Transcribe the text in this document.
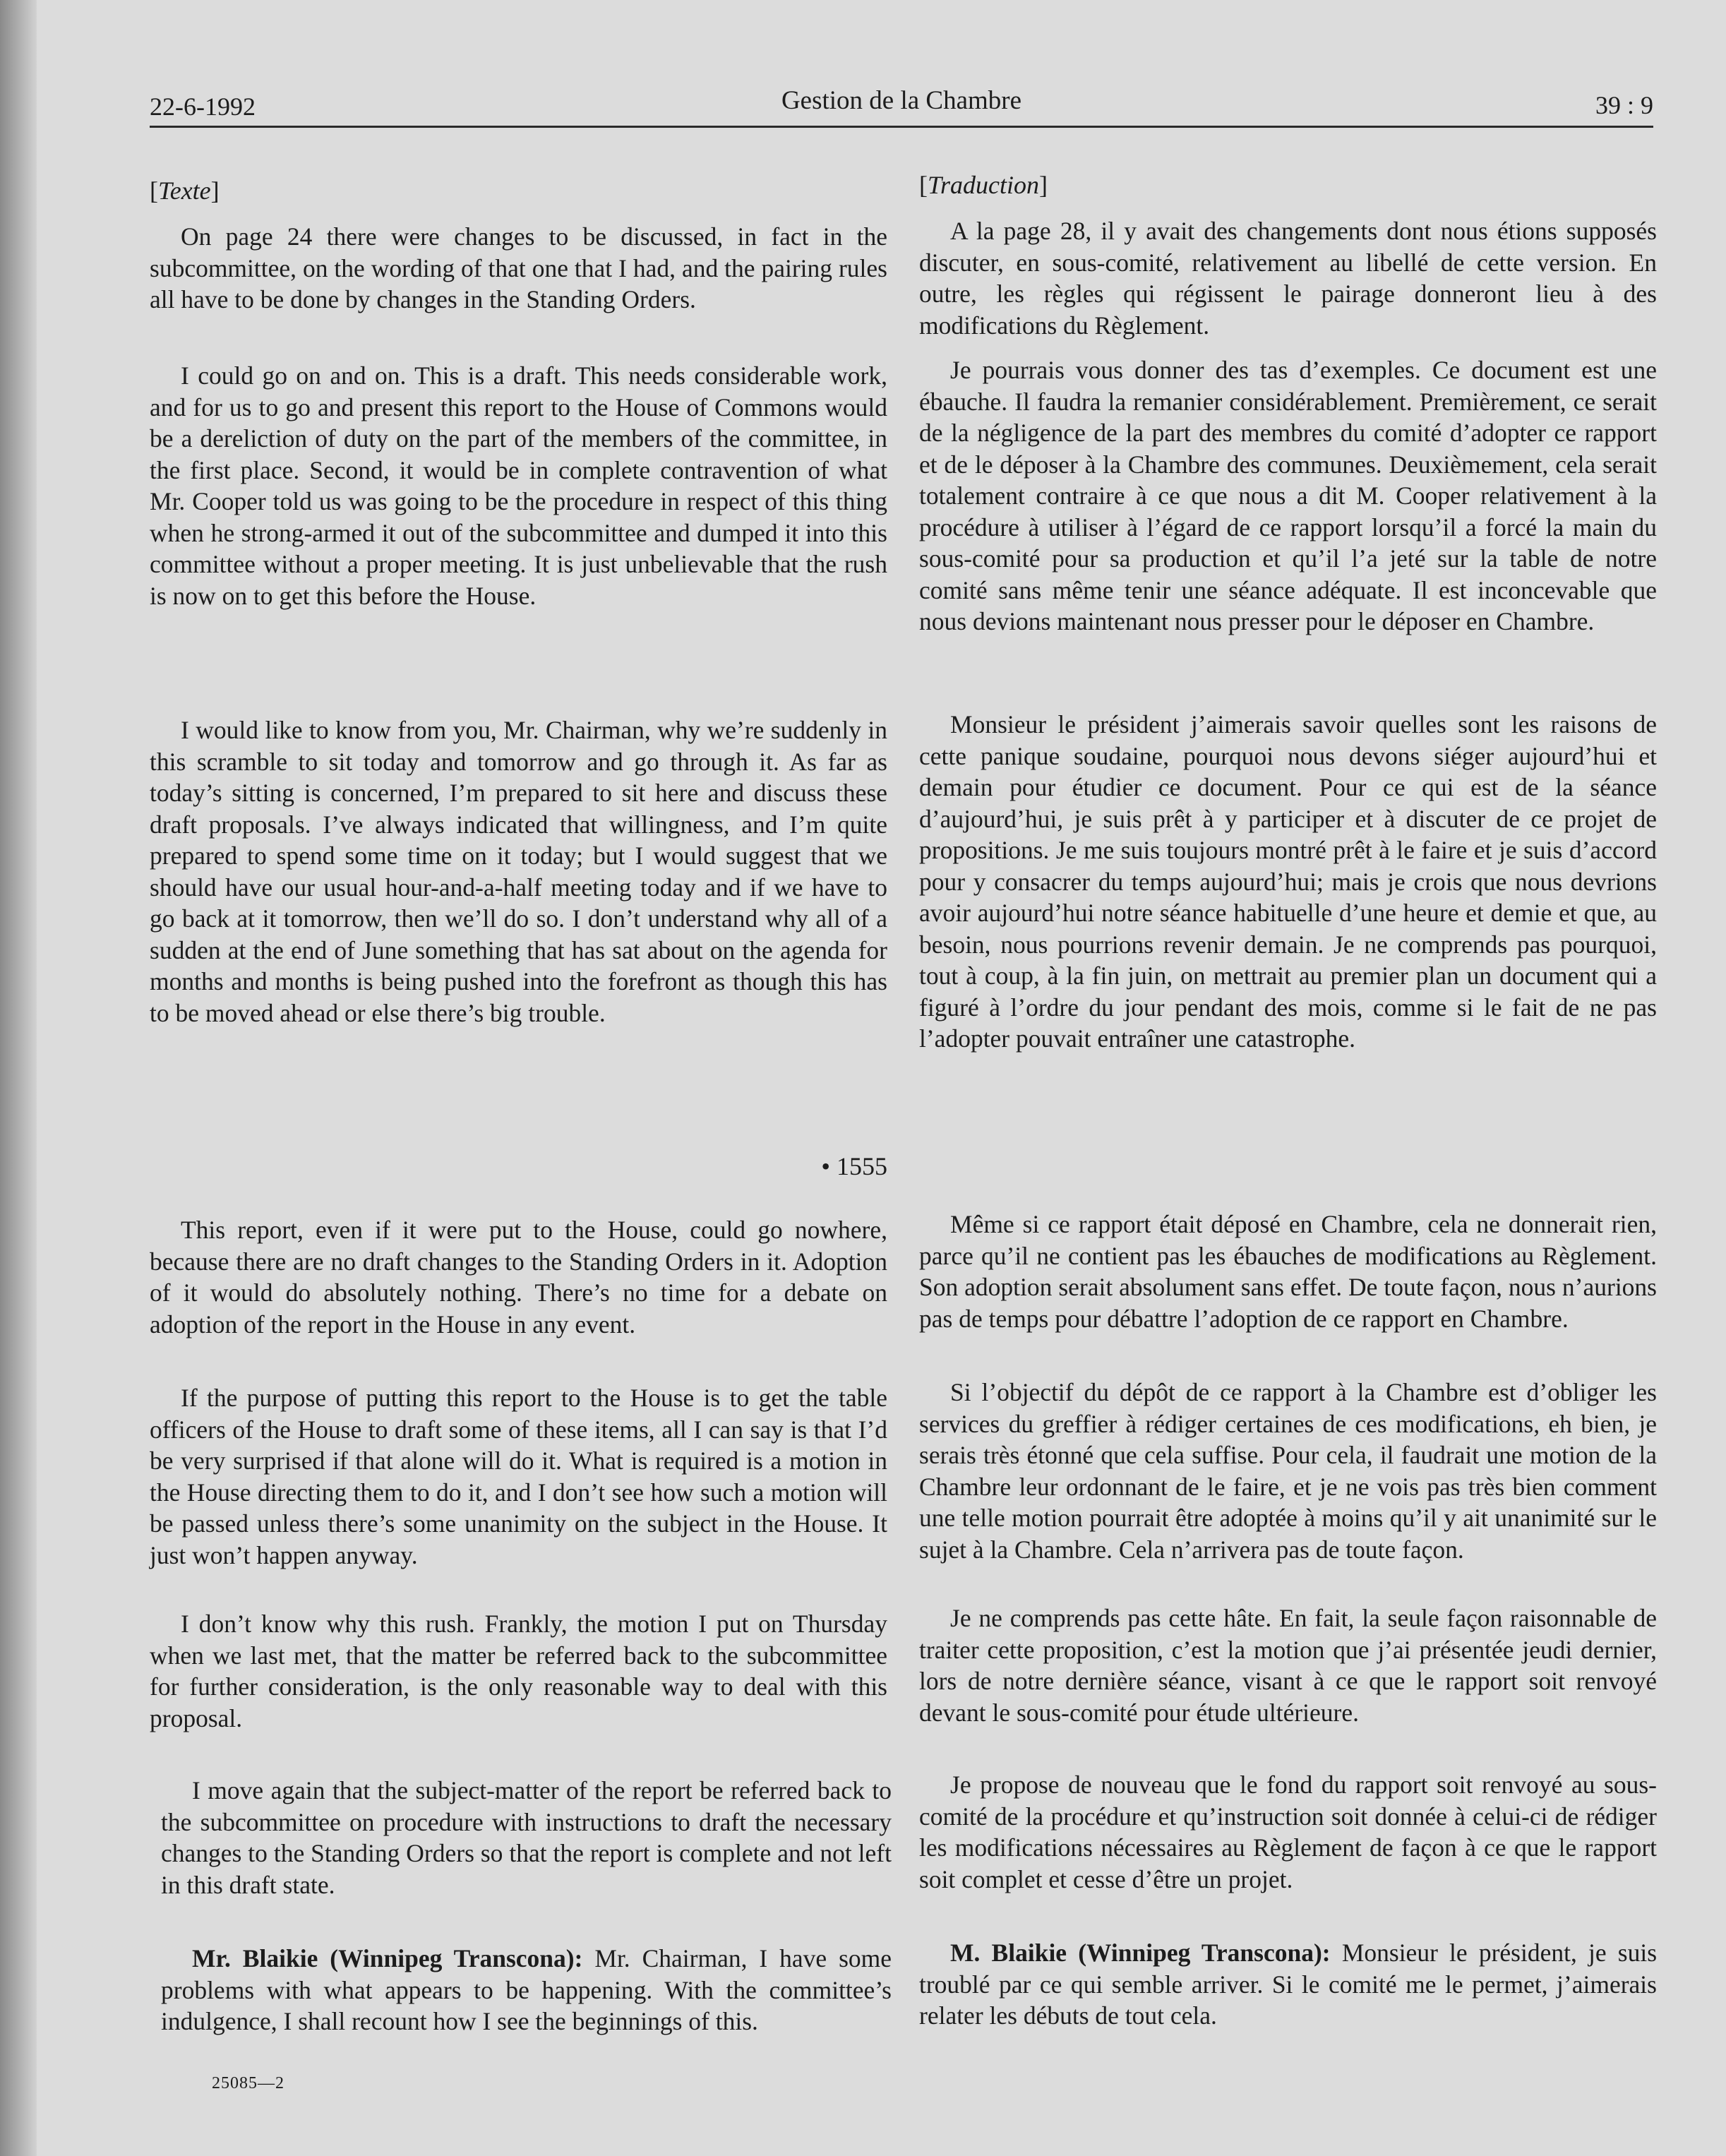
22-6-1992	Gestion de la Chambre	39 : 9
[Texte]

On page 24 there were changes to be discussed, in fact in the subcommittee, on the wording of that one that I had, and the pairing rules all have to be done by changes in the Standing Orders.

I could go on and on. This is a draft. This needs considerable work, and for us to go and present this report to the House of Commons would be a dereliction of duty on the part of the members of the committee, in the first place. Second, it would be in complete contravention of what Mr. Cooper told us was going to be the procedure in respect of this thing when he strong-armed it out of the subcommittee and dumped it into this committee without a proper meeting. It is just unbelievable that the rush is now on to get this before the House.

I would like to know from you, Mr. Chairman, why we’re suddenly in this scramble to sit today and tomorrow and go through it. As far as today’s sitting is concerned, I’m prepared to sit here and discuss these draft proposals. I’ve always indicated that willingness, and I’m quite prepared to spend some time on it today; but I would suggest that we should have our usual hour-and-a-half meeting today and if we have to go back at it tomorrow, then we’ll do so. I don’t understand why all of a sudden at the end of June something that has sat about on the agenda for months and months is being pushed into the forefront as though this has to be moved ahead or else there’s big trouble.

• 1555

This report, even if it were put to the House, could go nowhere, because there are no draft changes to the Standing Orders in it. Adoption of it would do absolutely nothing. There’s no time for a debate on adoption of the report in the House in any event.

If the purpose of putting this report to the House is to get the table officers of the House to draft some of these items, all I can say is that I’d be very surprised if that alone will do it. What is required is a motion in the House directing them to do it, and I don’t see how such a motion will be passed unless there’s some unanimity on the subject in the House. It just won’t happen anyway.

I don’t know why this rush. Frankly, the motion I put on Thursday when we last met, that the matter be referred back to the subcommittee for further consideration, is the only reasonable way to deal with this proposal.

I move again that the subject-matter of the report be referred back to the subcommittee on procedure with instructions to draft the necessary changes to the Standing Orders so that the report is complete and not left in this draft state.

Mr. Blaikie (Winnipeg Transcona): Mr. Chairman, I have some problems with what appears to be happening. With the committee’s indulgence, I shall recount how I see the beginnings of this.

25085—2
[Traduction]

A la page 28, il y avait des changements dont nous étions supposés discuter, en sous-comité, relativement au libellé de cette version. En outre, les règles qui régissent le pairage donneront lieu à des modifications du Règlement.

Je pourrais vous donner des tas d’exemples. Ce document est une ébauche. Il faudra la remanier considérablement. Premièrement, ce serait de la négligence de la part des membres du comité d’adopter ce rapport et de le déposer à la Chambre des communes. Deuxièmement, cela serait totalement contraire à ce que nous a dit M. Cooper relativement à la procédure à utiliser à l’égard de ce rapport lorsqu’il a forcé la main du sous-comité pour sa production et qu’il l’a jeté sur la table de notre comité sans même tenir une séance adéquate. Il est inconcevable que nous devions maintenant nous presser pour le déposer en Chambre.

Monsieur le président j’aimerais savoir quelles sont les raisons de cette panique soudaine, pourquoi nous devons siéger aujourd’hui et demain pour étudier ce document. Pour ce qui est de la séance d’aujourd’hui, je suis prêt à y participer et à discuter de ce projet de propositions. Je me suis toujours montré prêt à le faire et je suis d’accord pour y consacrer du temps aujourd’hui; mais je crois que nous devrions avoir aujourd’hui notre séance habituelle d’une heure et demie et que, au besoin, nous pourrions revenir demain. Je ne comprends pas pourquoi, tout à coup, à la fin juin, on mettrait au premier plan un document qui a figuré à l’ordre du jour pendant des mois, comme si le fait de ne pas l’adopter pouvait entraîner une catastrophe.

Même si ce rapport était déposé en Chambre, cela ne donnerait rien, parce qu’il ne contient pas les ébauches de modifications au Règlement. Son adoption serait absolument sans effet. De toute façon, nous n’aurions pas de temps pour débattre l’adoption de ce rapport en Chambre.

Si l’objectif du dépôt de ce rapport à la Chambre est d’obliger les services du greffier à rédiger certaines de ces modifications, eh bien, je serais très étonné que cela suffise. Pour cela, il faudrait une motion de la Chambre leur ordonnant de le faire, et je ne vois pas très bien comment une telle motion pourrait être adoptée à moins qu’il y ait unanimité sur le sujet à la Chambre. Cela n’arrivera pas de toute façon.

Je ne comprends pas cette hâte. En fait, la seule façon raisonnable de traiter cette proposition, c’est la motion que j’ai présentée jeudi dernier, lors de notre dernière séance, visant à ce que le rapport soit renvoyé devant le sous-comité pour étude ultérieure.

Je propose de nouveau que le fond du rapport soit renvoyé au sous-comité de la procédure et qu’instruction soit donnée à celui-ci de rédiger les modifications nécessaires au Règlement de façon à ce que le rapport soit complet et cesse d’être un projet.

M. Blaikie (Winnipeg Transcona): Monsieur le président, je suis troublé par ce qui semble arriver. Si le comité me le permet, j’aimerais relater les débuts de tout cela.
